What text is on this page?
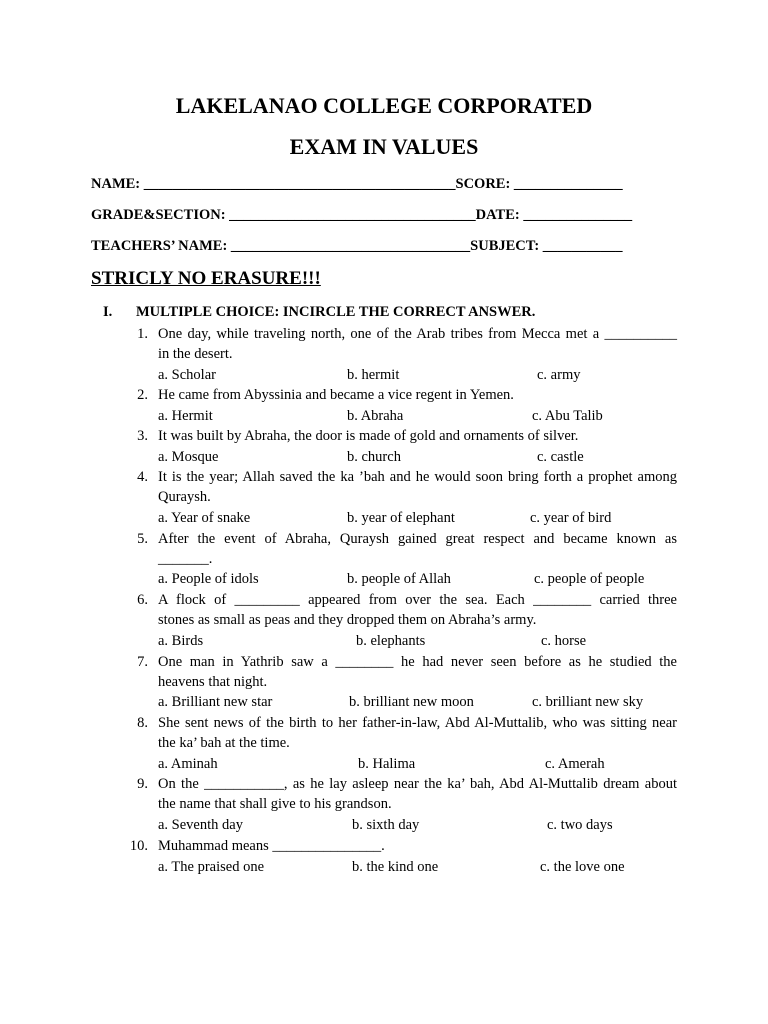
LAKELANAO COLLEGE CORPORATED
EXAM IN VALUES
NAME: ___________________________________________SCORE: _______________
GRADE&SECTION: __________________________________DATE: _______________
TEACHERS’ NAME: _________________________________SUBJECT: ___________
STRICLY NO ERASURE!!!
I. MULTIPLE CHOICE: INCIRCLE THE CORRECT ANSWER.
1. One day, while traveling north, one of the Arab tribes from Mecca met a __________
in the desert.
a. Scholar	b. hermit	c. army
2. He came from Abyssinia and became a vice regent in Yemen.
a. Hermit	b. Abraha	c. Abu Talib
3. It was built by Abraha, the door is made of gold and ornaments of silver.
a. Mosque	b. church	c. castle
4. It is the year; Allah saved the ka ’bah and he would soon bring forth a prophet among
Quraysh.
a. Year of snake	b. year of elephant	c. year of bird
5. After the event of Abraha, Quraysh gained great respect and became known as
_______.
a. People of idols	b. people of Allah	c. people of people
6. A flock of _________ appeared from over the sea. Each ________ carried three
stones as small as peas and they dropped them on Abraha’s army.
a. Birds	b. elephants	c. horse
7. One man in Yathrib saw a ________ he had never seen before as he studied the
heavens that night.
a. Brilliant new star	b. brilliant new moon	c. brilliant new sky
8. She sent news of the birth to her father-in-law, Abd Al-Muttalib, who was sitting near
the ka’ bah at the time.
a. Aminah	b. Halima	c. Amerah
9. On the ___________, as he lay asleep near the ka’ bah, Abd Al-Muttalib dream about
the name that shall give to his grandson.
a. Seventh day	b. sixth day	c. two days
10. Muhammad means _______________.
a. The praised one	b. the kind one	c. the love one
